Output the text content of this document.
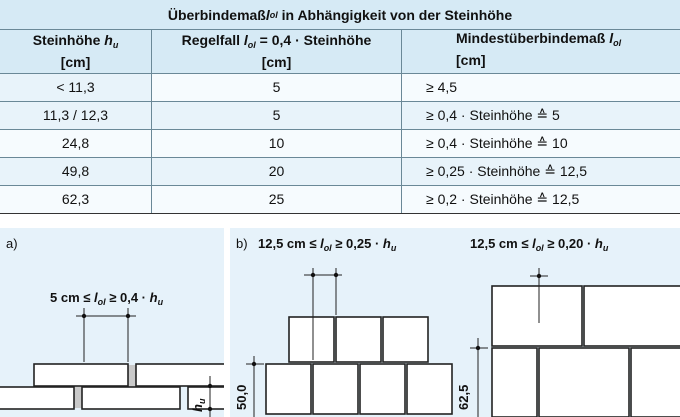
Überbindemaß l ol in Abhängigkeit von der Steinhöhe
Steinhöhe $h_u$
[cm]
Regelfall $l_{ol} = 0,4$ · Steinhöhe
[cm]
Mindestüberbindemaß $l_{ol}$
[cm]
< 11,3	5	≥ 4,5
11,3 / 12,3	5	≥ 0,4 · Steinhöhe ≙ 5
24,8	10	≥ 0,4 · Steinhöhe ≙ 10
49,8	20	≥ 0,25 · Steinhöhe ≙ 12,5
62,3	25	≥ 0,2 · Steinhöhe ≙ 12,5
a)
5 cm ≤ $l_{ol} \ge 0,4 \cdot h_u$
$h_u$
b) 12,5 cm ≤ $l_{ol} \ge 0,25 \cdot h_u$	12,5 cm ≤ $l_{ol} \ge 0,20 \cdot h_u$
50,0	62,5
